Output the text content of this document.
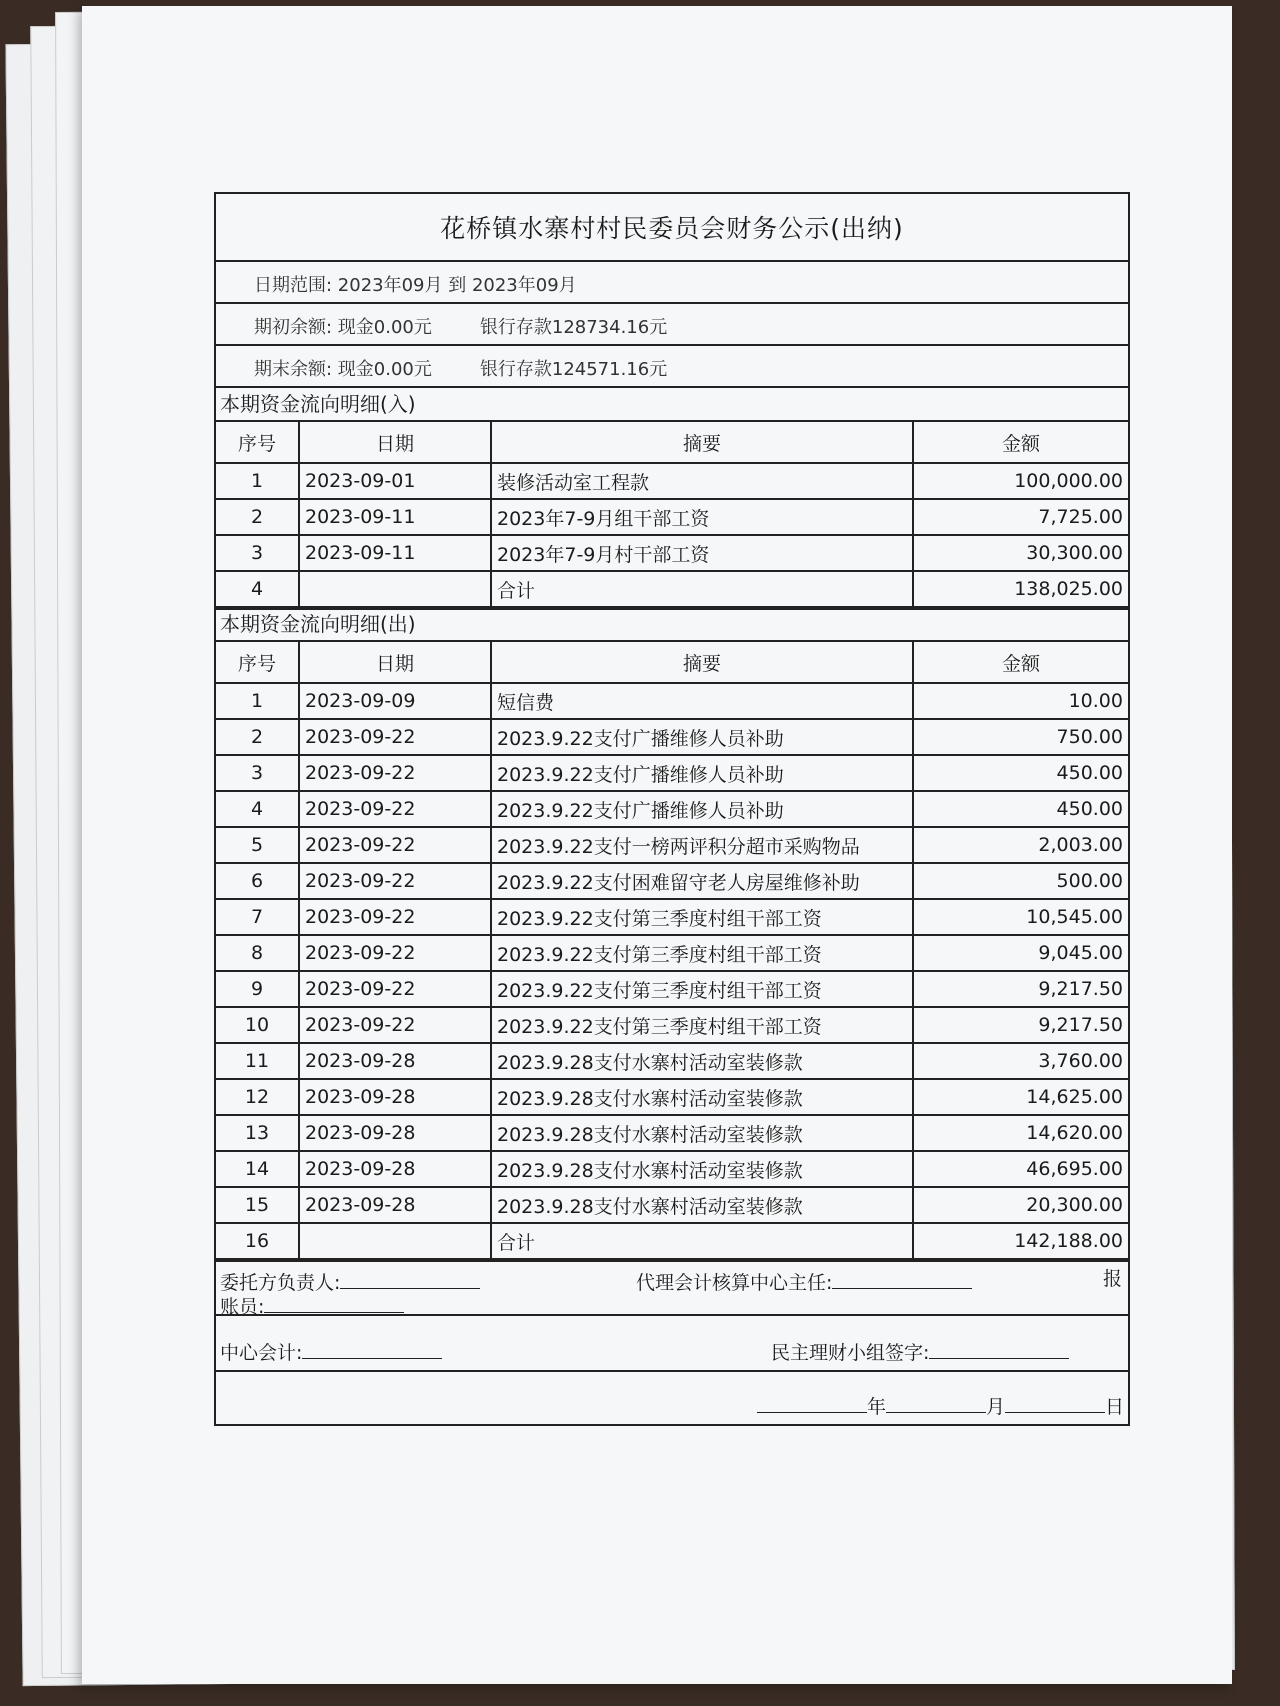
花桥镇水寨村村民委员会财务公示(出纳)
日期范围: 2023年09月 到 2023年09月
期初余额: 现金0.00元	银行存款128734.16元
期末余额: 现金0.00元	银行存款124571.16元
本期资金流向明细(入)
序号	日期	摘要	金额
1	2023-09-01	装修活动室工程款	100,000.00
2	2023-09-11	2023年7-9月组干部工资	7,725.00
3	2023-09-11	2023年7-9月村干部工资	30,300.00
4		合计	138,025.00
本期资金流向明细(出)
序号	日期	摘要	金额
1	2023-09-09	短信费	10.00
2	2023-09-22	2023.9.22支付广播维修人员补助	750.00
3	2023-09-22	2023.9.22支付广播维修人员补助	450.00
4	2023-09-22	2023.9.22支付广播维修人员补助	450.00
5	2023-09-22	2023.9.22支付一榜两评积分超市采购物品	2,003.00
6	2023-09-22	2023.9.22支付困难留守老人房屋维修补助	500.00
7	2023-09-22	2023.9.22支付第三季度村组干部工资	10,545.00
8	2023-09-22	2023.9.22支付第三季度村组干部工资	9,045.00
9	2023-09-22	2023.9.22支付第三季度村组干部工资	9,217.50
10	2023-09-22	2023.9.22支付第三季度村组干部工资	9,217.50
11	2023-09-28	2023.9.28支付水寨村活动室装修款	3,760.00
12	2023-09-28	2023.9.28支付水寨村活动室装修款	14,625.00
13	2023-09-28	2023.9.28支付水寨村活动室装修款	14,620.00
14	2023-09-28	2023.9.28支付水寨村活动室装修款	46,695.00
15	2023-09-28	2023.9.28支付水寨村活动室装修款	20,300.00
16		合计	142,188.00
委托方负责人:	代理会计核算中心主任:	报
账员:
中心会计:	民主理财小组签字:
年	月	日
